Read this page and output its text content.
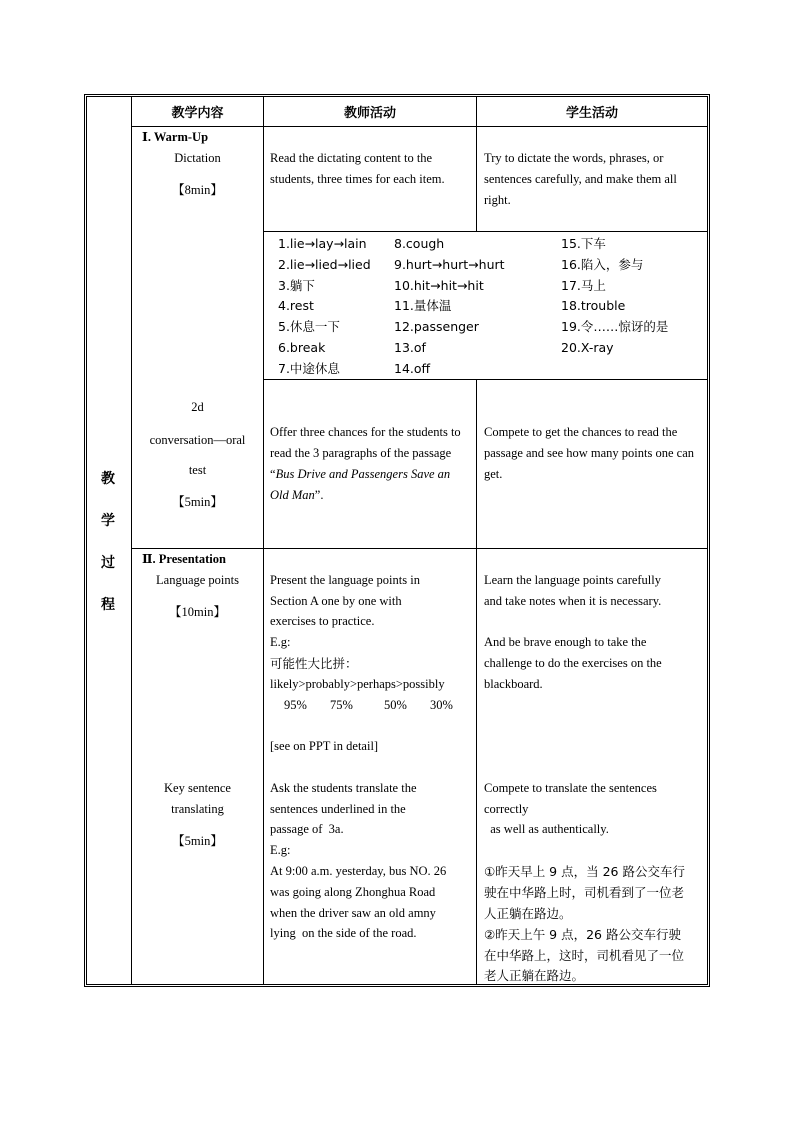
教学内容	教师活动	学生活动
教
学
过
程
Ⅰ. Warm-Up
Dictation
【8min】
Read the dictating content to the students, three times for each item.
Try to dictate the words, phrases, or sentences carefully, and make them all right.
1.lie→lay→lain
2.lie→lied→lied
3.躺下
4.rest
5.休息一下
6.break
7.中途休息
8.cough
9.hurt→hurt→hurt
10.hit→hit→hit
11.量体温
12.passenger
13.of
14.off
15.下车
16.陷入，参与
17.马上
18.trouble
19.令……惊讶的是
20.X-ray
2d
conversation—oral
test
【5min】
Offer three chances for the students to read the 3 paragraphs of the passage “Bus Drive and Passengers Save an Old Man”.
Compete to get the chances to read the passage and see how many points one can get.
Ⅱ. Presentation
Language points
【10min】
Present the language points in
Section A one by one with
exercises to practice.
E.g:
可能性大比拼：
likely>probably>perhaps>possibly
95% 75% 50% 30%
[see on PPT in detail]
Learn the language points carefully
and take notes when it is necessary.
And be brave enough to take the
challenge to do the exercises on the
blackboard.
Key sentence
translating
【5min】
Ask the students translate the
sentences underlined in the
passage of  3a.
E.g:
At 9:00 a.m. yesterday, bus NO. 26
was going along Zhonghua Road
when the driver saw an old amny
lying  on the side of the road.
Compete to translate the sentences
correctly
as well as authentically.
①昨天早上 9 点，当 26 路公交车行
驶在中华路上时，司机看到了一位老
人正躺在路边。
②昨天上午 9 点，26 路公交车行驶
在中华路上，这时，司机看见了一位
老人正躺在路边。
